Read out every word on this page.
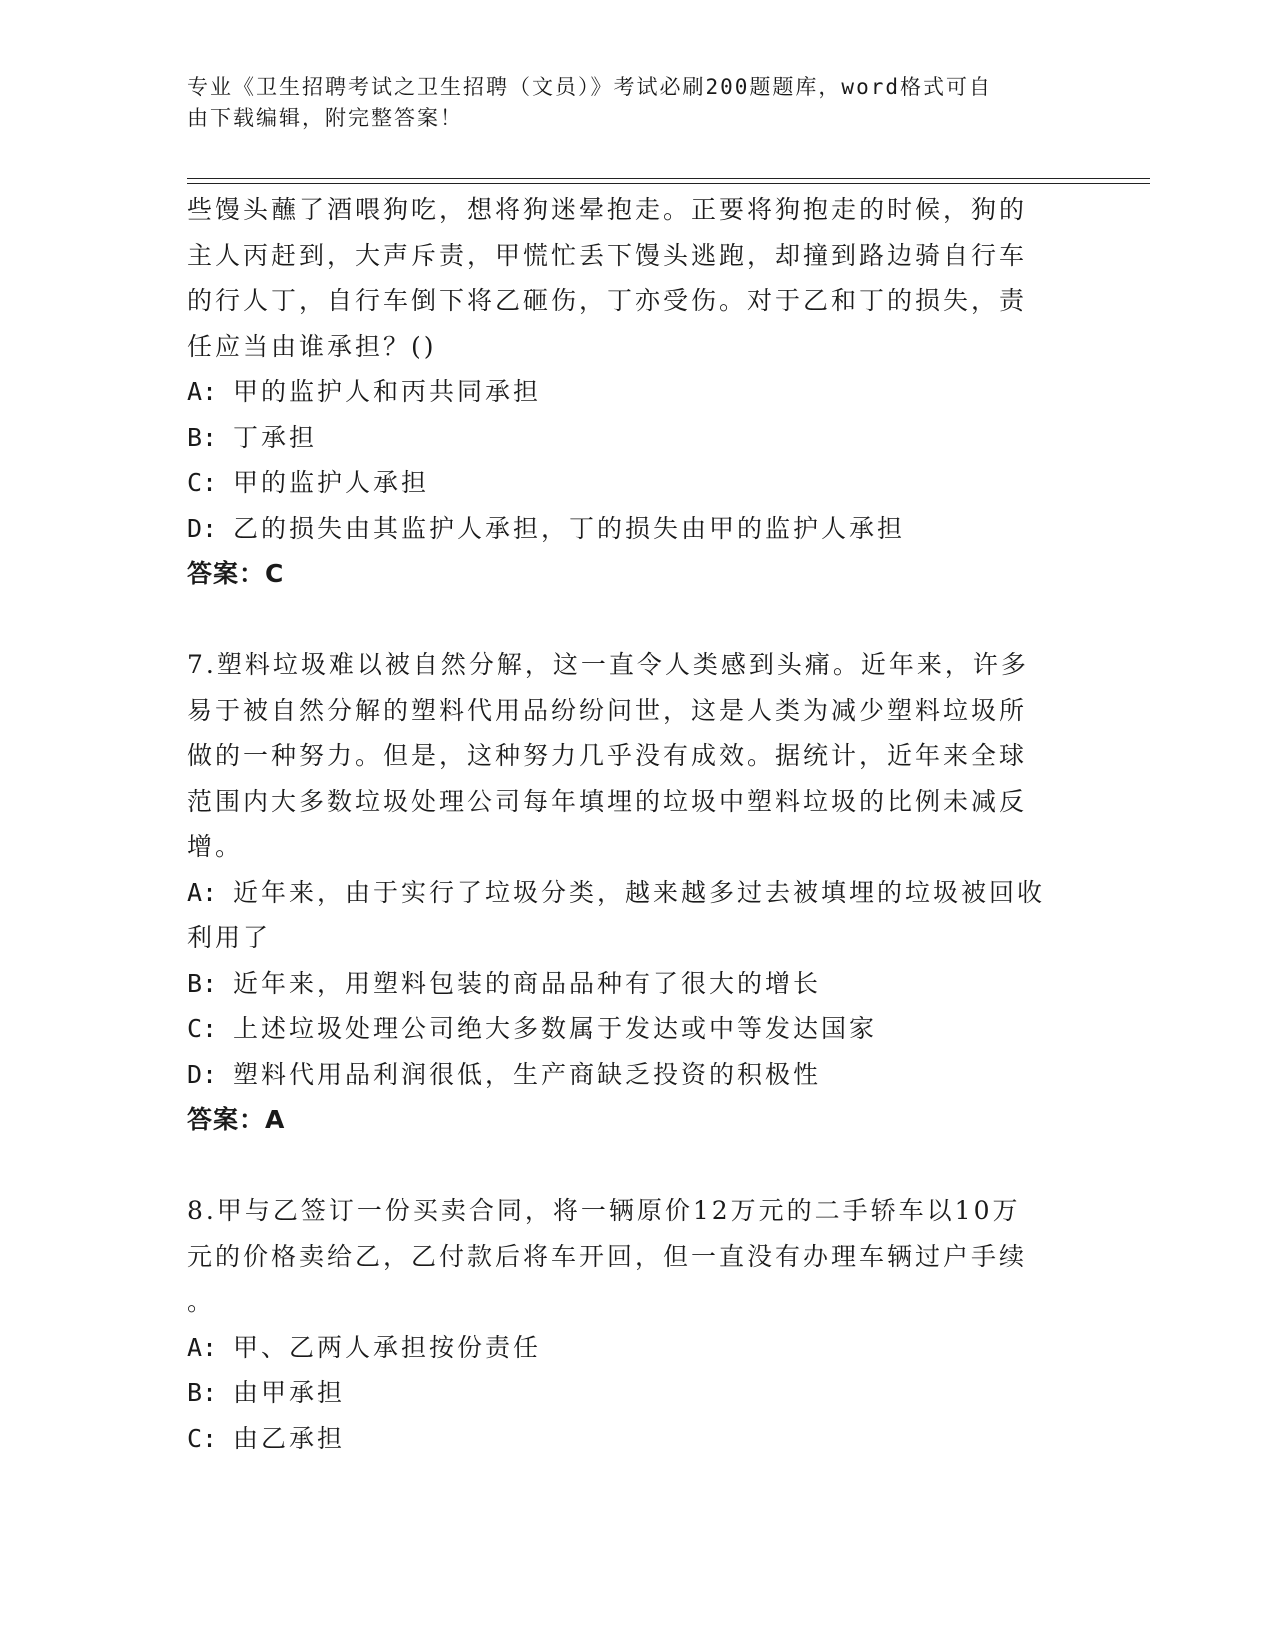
专业《卫生招聘考试之卫生招聘（文员）》考试必刷200题题库，word格式可自
由下载编辑，附完整答案！
些馒头蘸了酒喂狗吃，想将狗迷晕抱走。正要将狗抱走的时候，狗的
主人丙赶到，大声斥责，甲慌忙丢下馒头逃跑，却撞到路边骑自行车
的行人丁，自行车倒下将乙砸伤，丁亦受伤。对于乙和丁的损失，责
任应当由谁承担？()
A: 甲的监护人和丙共同承担
B: 丁承担
C: 甲的监护人承担
D: 乙的损失由其监护人承担，丁的损失由甲的监护人承担
答案：C
7.塑料垃圾难以被自然分解，这一直令人类感到头痛。近年来，许多
易于被自然分解的塑料代用品纷纷问世，这是人类为减少塑料垃圾所
做的一种努力。但是，这种努力几乎没有成效。据统计，近年来全球
范围内大多数垃圾处理公司每年填埋的垃圾中塑料垃圾的比例未减反
增。
A: 近年来，由于实行了垃圾分类，越来越多过去被填埋的垃圾被回收
利用了
B: 近年来，用塑料包装的商品品种有了很大的增长
C: 上述垃圾处理公司绝大多数属于发达或中等发达国家
D: 塑料代用品利润很低，生产商缺乏投资的积极性
答案：A
8.甲与乙签订一份买卖合同，将一辆原价12万元的二手轿车以10万
元的价格卖给乙，乙付款后将车开回，但一直没有办理车辆过户手续
。
A: 甲、乙两人承担按份责任
B: 由甲承担
C: 由乙承担
